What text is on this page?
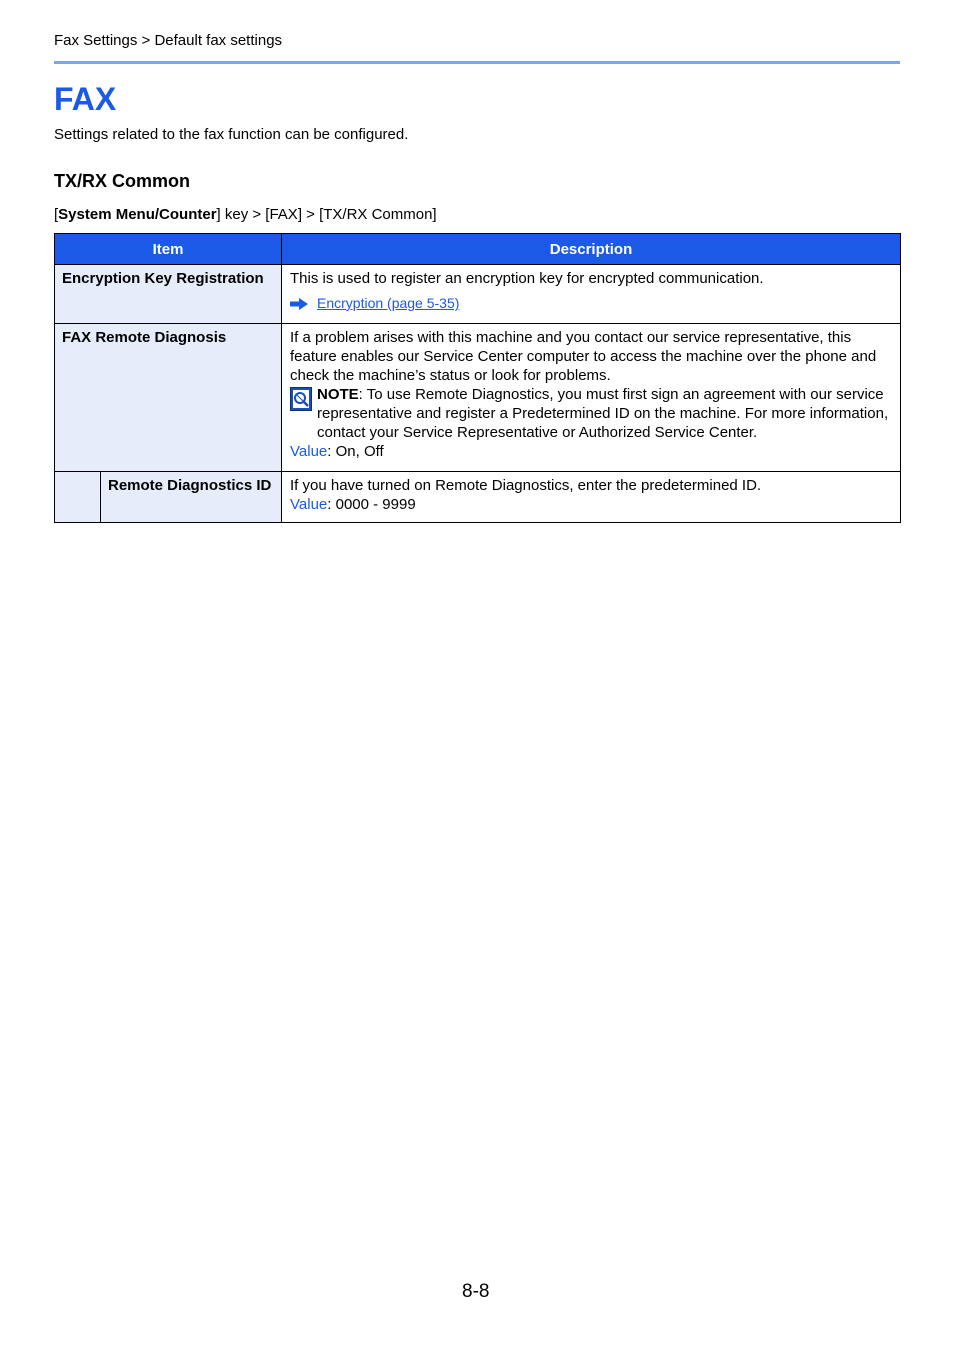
Fax Settings > Default fax settings
FAX
Settings related to the fax function can be configured.
TX/RX Common
[System Menu/Counter] key > [FAX] > [TX/RX Common]
Item		Description
Encryption Key Registration		This is used to register an encryption key for encrypted communication.
Encryption (page 5-35)

FAX Remote Diagnosis		If a problem arises with this machine and you contact our service representative, this feature enables our Service Center computer to access the machine over the phone and check the machine’s status or look for problems.
NOTE: To use Remote Diagnostics, you must first sign an agreement with our service representative and register a Predetermined ID on the machine. For more information, contact your Service Representative or Authorized Service Center.
Value: On, Off

	Remote Diagnostics ID	If you have turned on Remote Diagnostics, enter the predetermined ID.
Value: 0000 - 9999
8-8
